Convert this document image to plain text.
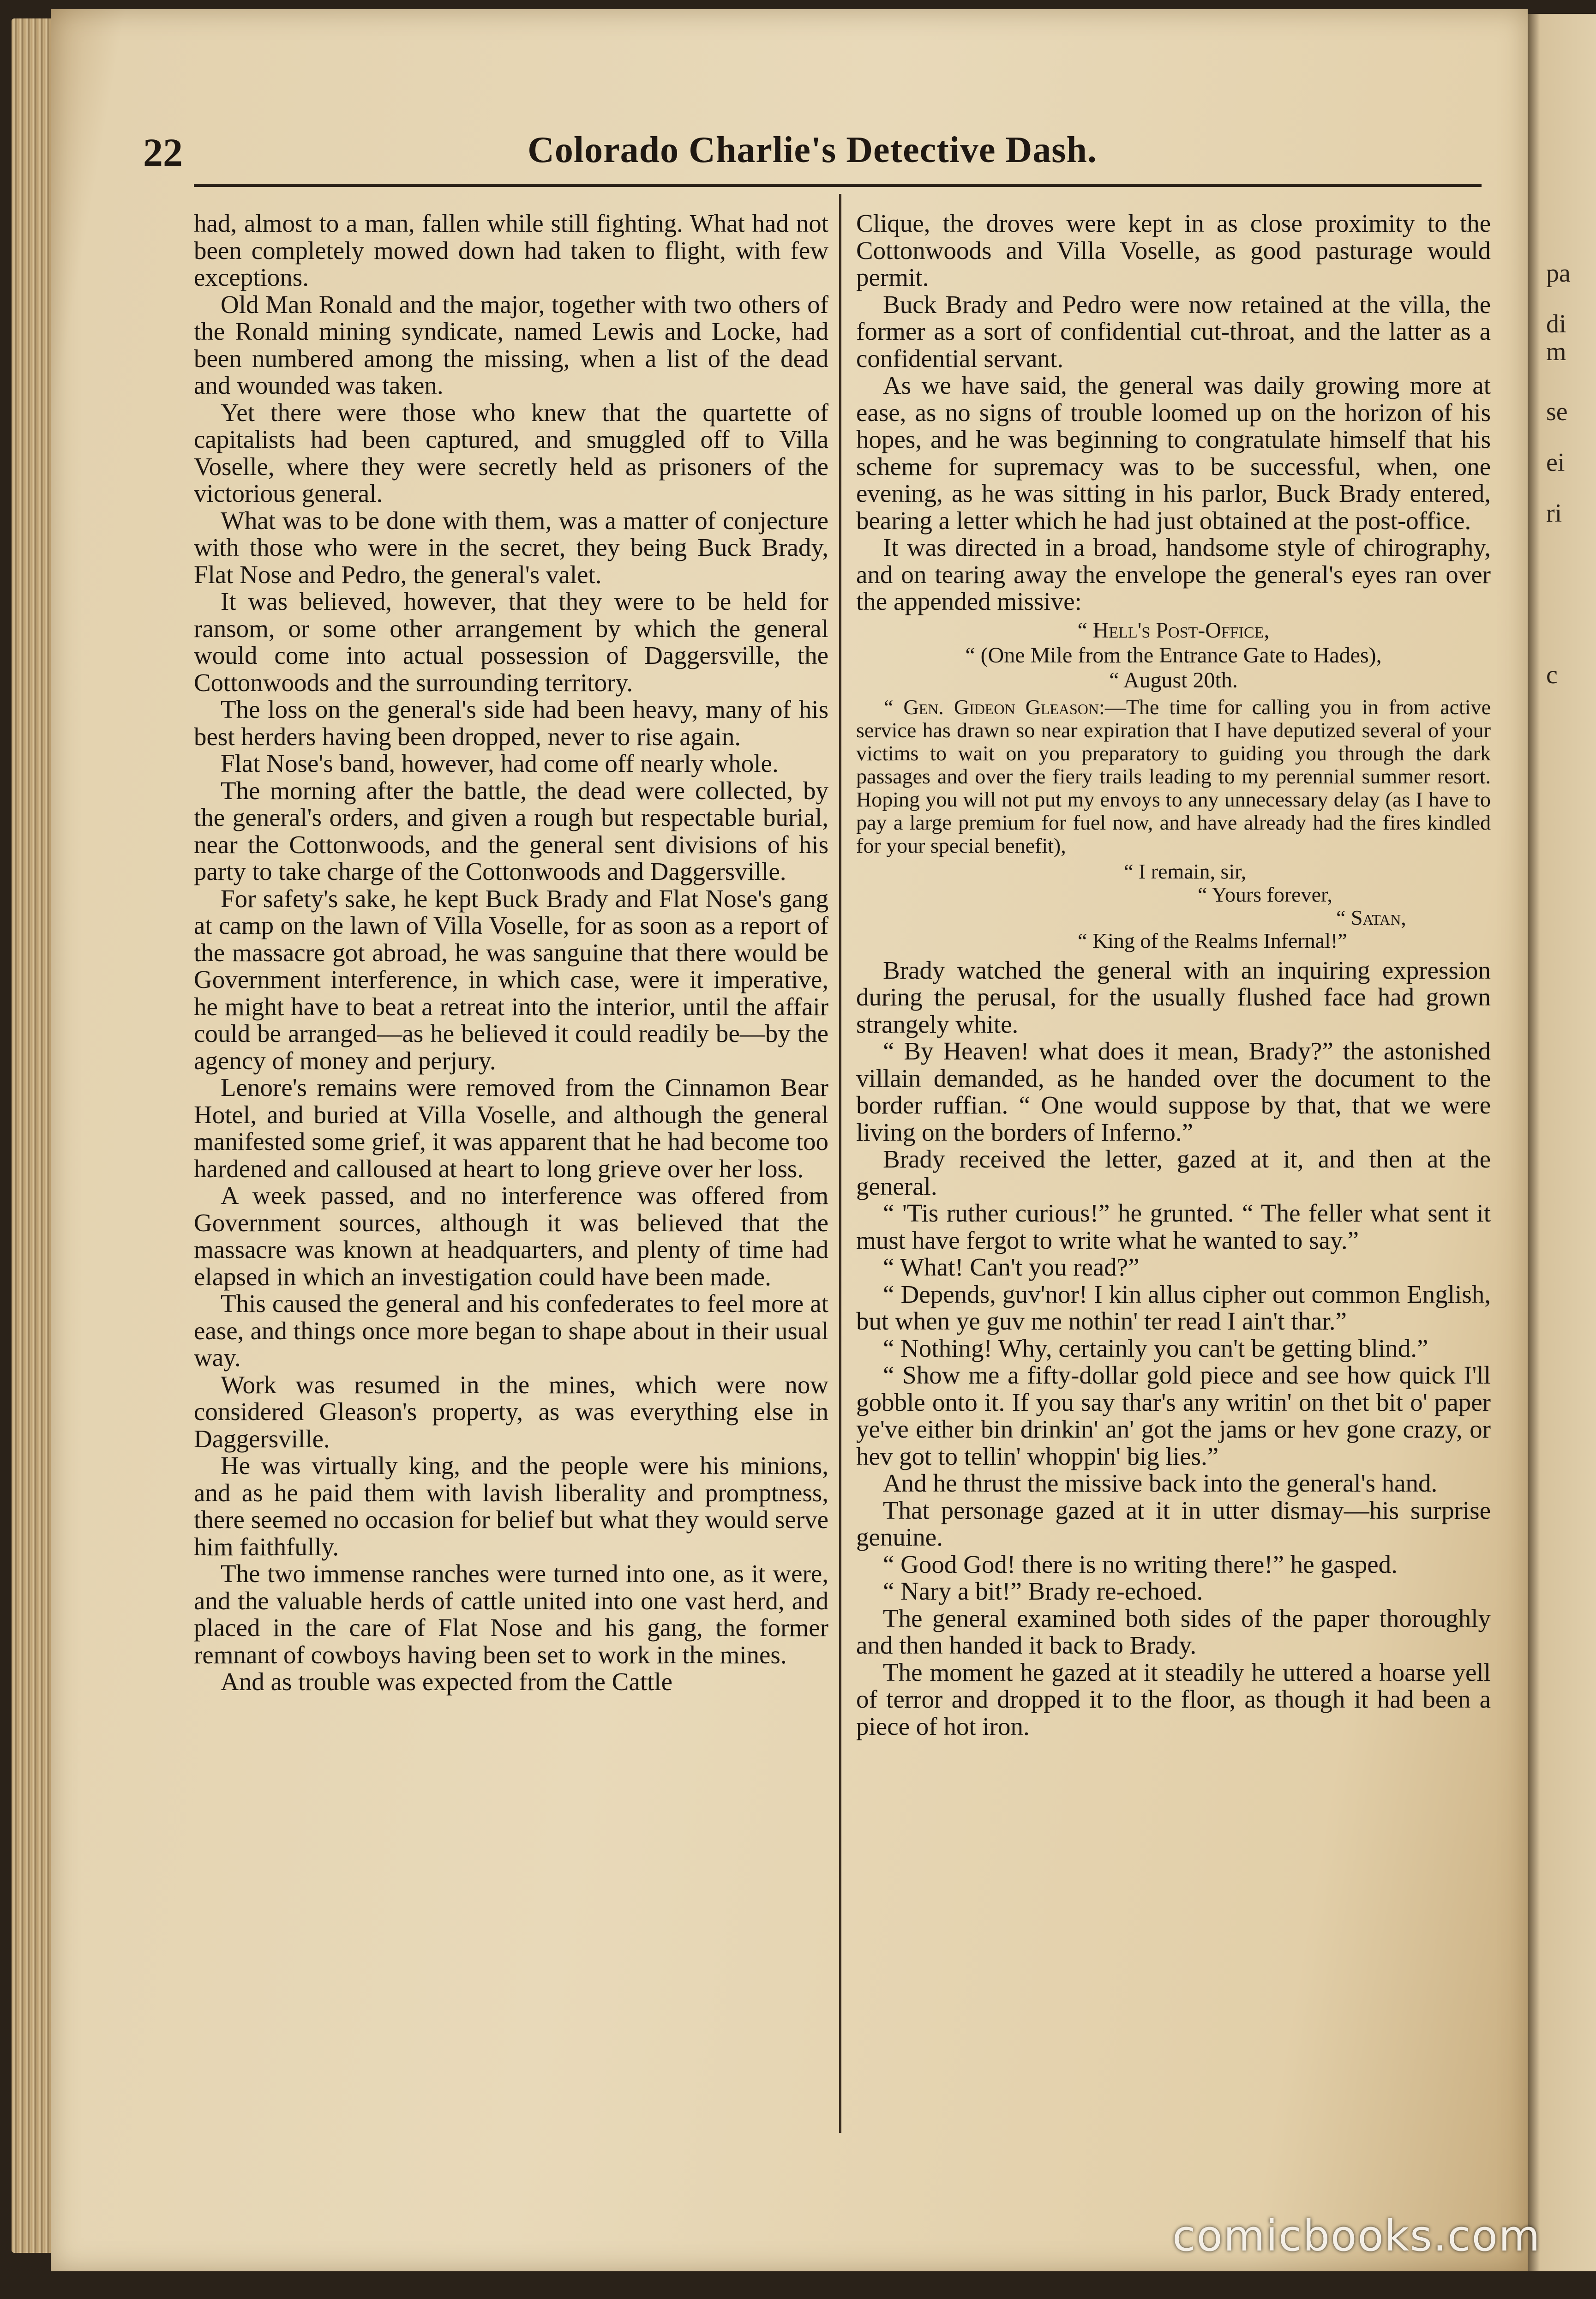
pa
di
m
se
ei
ri
c
22	Colorado Charlie's Detective Dash.

had, almost to a man, fallen while still fighting. What had not been completely mowed down had taken to flight, with few exceptions.

Old Man Ronald and the major, together with two others of the Ronald mining syndicate, named Lewis and Locke, had been numbered among the missing, when a list of the dead and wounded was taken.

Yet there were those who knew that the quartette of capitalists had been captured, and smuggled off to Villa Voselle, where they were secretly held as prisoners of the victorious general.

What was to be done with them, was a matter of conjecture with those who were in the secret, they being Buck Brady, Flat Nose and Pedro, the general's valet.

It was believed, however, that they were to be held for ransom, or some other arrangement by which the general would come into actual possession of Daggersville, the Cottonwoods and the surrounding territory.

The loss on the general's side had been heavy, many of his best herders having been dropped, never to rise again.

Flat Nose's band, however, had come off nearly whole.

The morning after the battle, the dead were collected, by the general's orders, and given a rough but respectable burial, near the Cottonwoods, and the general sent divisions of his party to take charge of the Cottonwoods and Daggersville.

For safety's sake, he kept Buck Brady and Flat Nose's gang at camp on the lawn of Villa Voselle, for as soon as a report of the massacre got abroad, he was sanguine that there would be Government interference, in which case, were it imperative, he might have to beat a retreat into the interior, until the affair could be arranged—as he believed it could readily be—by the agency of money and perjury.

Lenore's remains were removed from the Cinnamon Bear Hotel, and buried at Villa Voselle, and although the general manifested some grief, it was apparent that he had become too hardened and calloused at heart to long grieve over her loss.

A week passed, and no interference was offered from Government sources, although it was believed that the massacre was known at headquarters, and plenty of time had elapsed in which an investigation could have been made.

This caused the general and his confederates to feel more at ease, and things once more began to shape about in their usual way.

Work was resumed in the mines, which were now considered Gleason's property, as was everything else in Daggersville.

He was virtually king, and the people were his minions, and as he paid them with lavish liberality and promptness, there seemed no occasion for belief but what they would serve him faithfully.

The two immense ranches were turned into one, as it were, and the valuable herds of cattle united into one vast herd, and placed in the care of Flat Nose and his gang, the former remnant of cowboys having been set to work in the mines.

And as trouble was expected from the Cattle

Clique, the droves were kept in as close proximity to the Cottonwoods and Villa Voselle, as good pasturage would permit.

Buck Brady and Pedro were now retained at the villa, the former as a sort of confidential cut-throat, and the latter as a confidential servant.

As we have said, the general was daily growing more at ease, as no signs of trouble loomed up on the horizon of his hopes, and he was beginning to congratulate himself that his scheme for supremacy was to be successful, when, one evening, as he was sitting in his parlor, Buck Brady entered, bearing a letter which he had just obtained at the post-office.

It was directed in a broad, handsome style of chirography, and on tearing away the envelope the general's eyes ran over the appended missive:

“ Hell's Post-Office,
“ (One Mile from the Entrance Gate to Hades),
“ August 20th.

“ Gen. Gideon Gleason:—The time for calling you in from active service has drawn so near expiration that I have deputized several of your victims to wait on you preparatory to guiding you through the dark passages and over the fiery trails leading to my perennial summer resort. Hoping you will not put my envoys to any unnecessary delay (as I have to pay a large premium for fuel now, and have already had the fires kindled for your special benefit),

“ I remain, sir,
“ Yours forever,
“ Satan,
“ King of the Realms Infernal!”

Brady watched the general with an inquiring expression during the perusal, for the usually flushed face had grown strangely white.

“ By Heaven! what does it mean, Brady?” the astonished villain demanded, as he handed over the document to the border ruffian. “ One would suppose by that, that we were living on the borders of Inferno.”

Brady received the letter, gazed at it, and then at the general.

“ 'Tis ruther curious!” he grunted. “ The feller what sent it must have fergot to write what he wanted to say.”

“ What! Can't you read?”

“ Depends, guv'nor! I kin allus cipher out common English, but when ye guv me nothin' ter read I ain't thar.”

“ Nothing! Why, certainly you can't be getting blind.”

“ Show me a fifty-dollar gold piece and see how quick I'll gobble onto it. If you say thar's any writin' on thet bit o' paper ye've either bin drinkin' an' got the jams or hev gone crazy, or hev got to tellin' whoppin' big lies.”

And he thrust the missive back into the general's hand.

That personage gazed at it in utter dismay—his surprise genuine.

“ Good God! there is no writing there!” he gasped.

“ Nary a bit!” Brady re-echoed.

The general examined both sides of the paper thoroughly and then handed it back to Brady.

The moment he gazed at it steadily he uttered a hoarse yell of terror and dropped it to the floor, as though it had been a piece of hot iron.

comicbooks.com
